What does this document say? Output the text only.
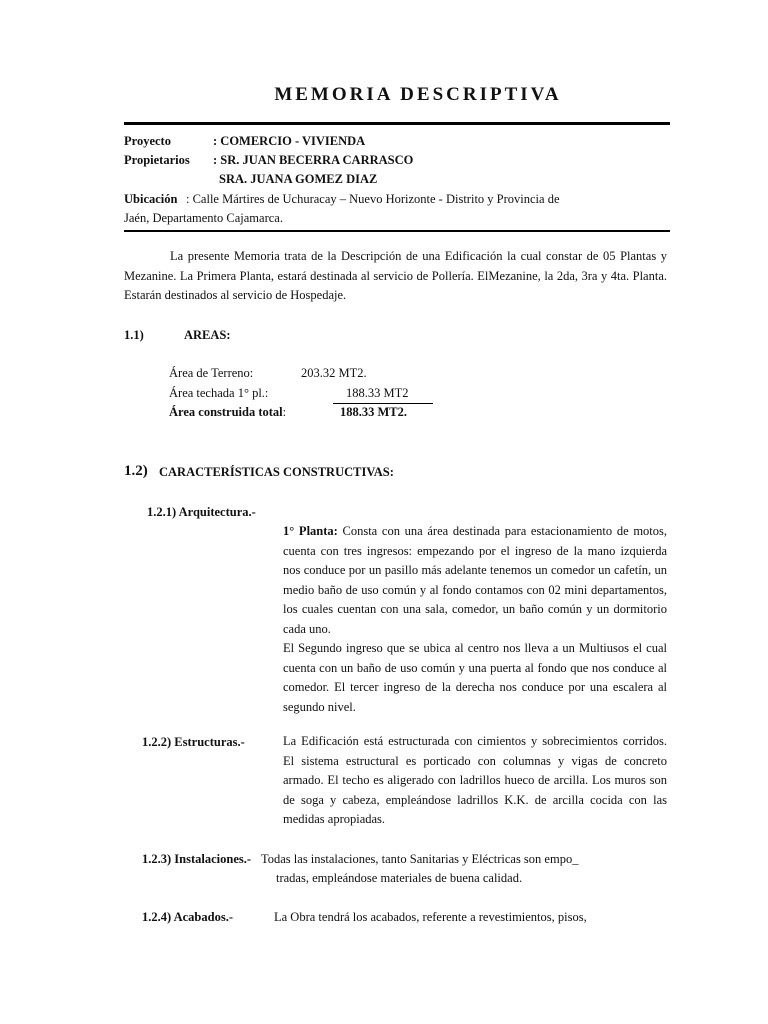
MEMORIA DESCRIPTIVA
Proyecto	: COMERCIO - VIVIENDA
Propietarios : SR. JUAN BECERRA CARRASCO
SRA. JUANA GOMEZ DIAZ
Ubicación : Calle Mártires de Uchuracay – Nuevo Horizonte - Distrito y Provincia de
Jaén, Departamento Cajamarca.
La presente Memoria trata de la Descripción de una Edificación la cual constar de 05 Plantas y
Mezanine. La Primera Planta, estará destinada al servicio de Pollería. ElMezanine, la 2da, 3ra y 4ta. Planta.
Estarán destinados al servicio de Hospedaje.
1.1)	AREAS:
Área de Terreno:	203.32 MT2.
Área techada 1° pl.:	188.33 MT2
Área construida total:	188.33 MT2.
1.2) CARACTERÍSTICAS CONSTRUCTIVAS:
1.2.1) Arquitectura.-
1° Planta: Consta con una área destinada para estacionamiento de motos,
cuenta con tres ingresos: empezando por el ingreso de la mano izquierda
nos conduce por un pasillo más adelante tenemos un comedor un cafetín, un
medio baño de uso común y al fondo contamos con 02 mini departamentos,
los cuales cuentan con una sala, comedor, un baño común y un dormitorio
cada uno.
El Segundo ingreso que se ubica al centro nos lleva a un Multiusos el cual
cuenta con un baño de uso común y una puerta al fondo que nos conduce al
comedor. El tercer ingreso de la derecha nos conduce por una escalera al
segundo nivel.
1.2.2) Estructuras.-	La Edificación está estructurada con cimientos y sobrecimientos corridos.
El sistema estructural es porticado con columnas y vigas de concreto
armado. El techo es aligerado con ladrillos hueco de arcilla. Los muros son
de soga y cabeza, empleándose ladrillos K.K. de arcilla cocida con las
medidas apropiadas.
1.2.3) Instalaciones.- Todas las instalaciones, tanto Sanitarias y Eléctricas son empo_
tradas, empleándose materiales de buena calidad.
1.2.4) Acabados.-	La Obra tendrá los acabados, referente a revestimientos, pisos,
